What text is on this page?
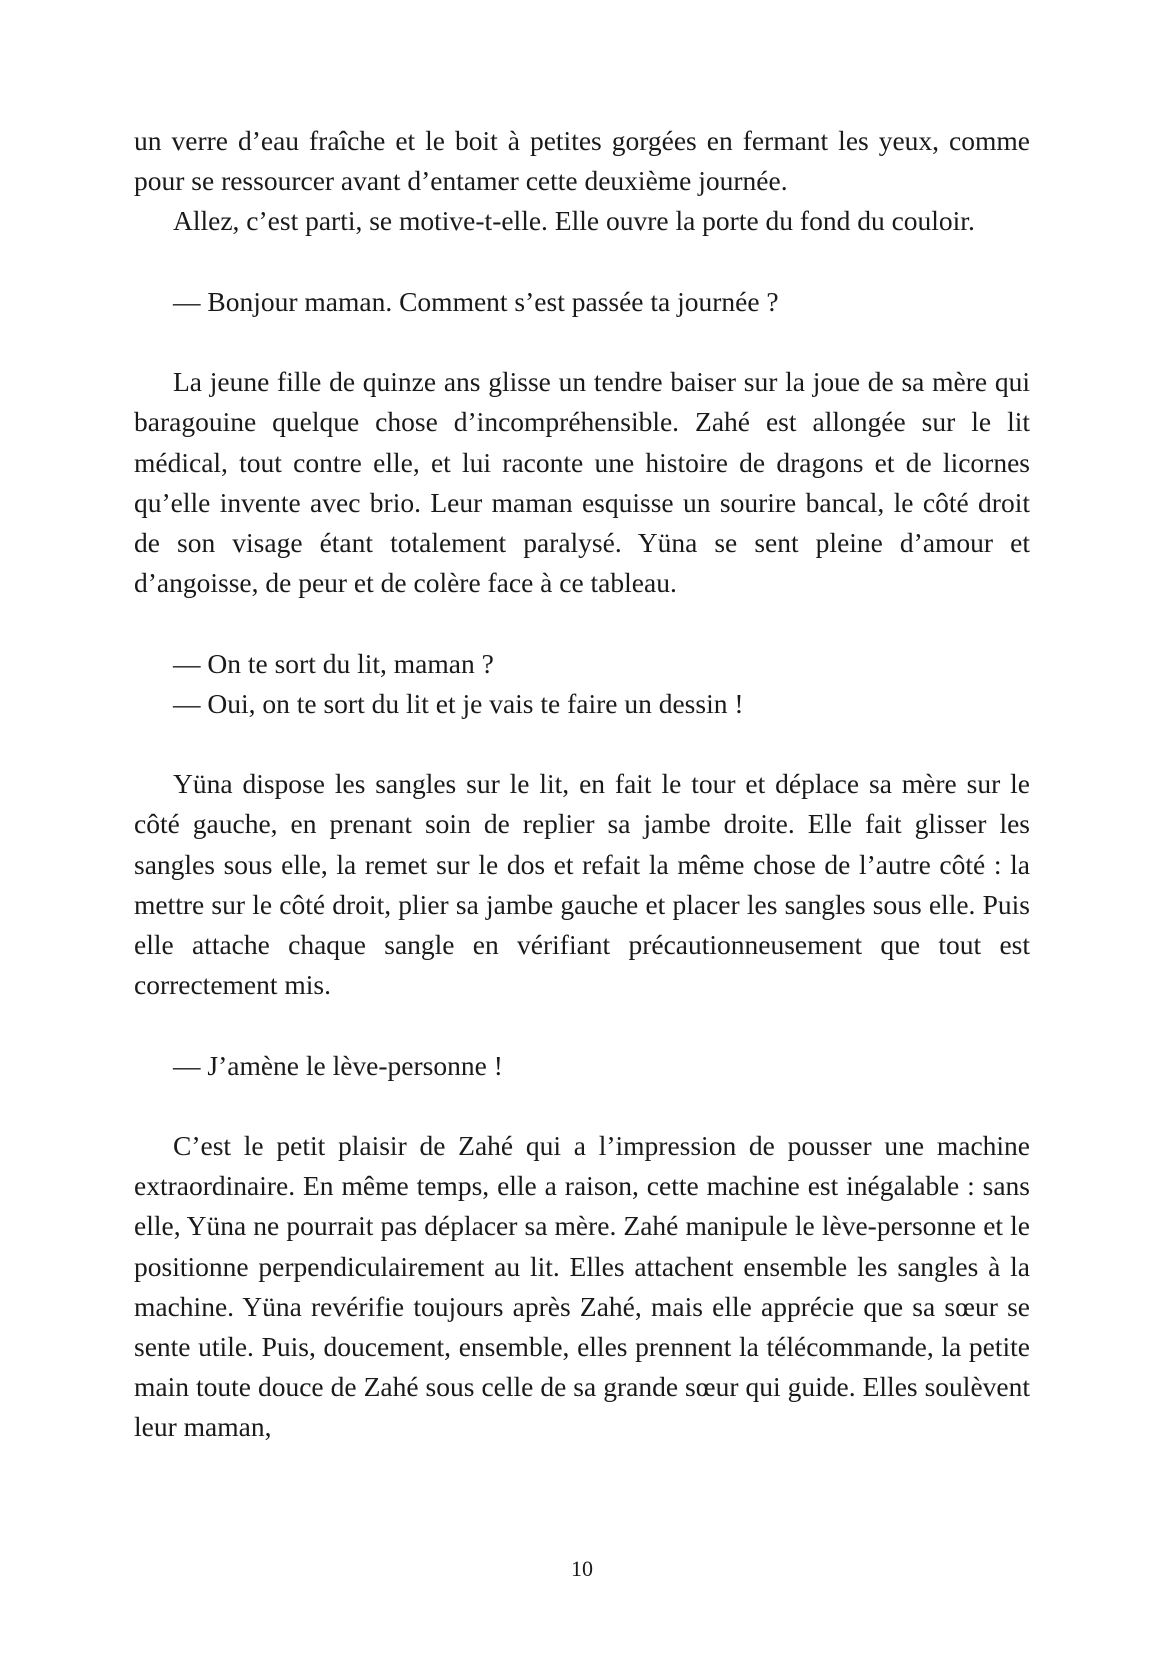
un verre d’eau fraîche et le boit à petites gorgées en fermant les yeux, comme pour se ressourcer avant d’entamer cette deuxième journée.

Allez, c’est parti, se motive-t-elle. Elle ouvre la porte du fond du couloir.

— Bonjour maman. Comment s’est passée ta journée ?

La jeune fille de quinze ans glisse un tendre baiser sur la joue de sa mère qui baragouine quelque chose d’incompréhensible. Zahé est allongée sur le lit médical, tout contre elle, et lui raconte une histoire de dragons et de licornes qu’elle invente avec brio. Leur maman esquisse un sourire bancal, le côté droit de son visage étant totalement paralysé. Yüna se sent pleine d’amour et d’angoisse, de peur et de colère face à ce tableau.

— On te sort du lit, maman ?

— Oui, on te sort du lit et je vais te faire un dessin !

Yüna dispose les sangles sur le lit, en fait le tour et déplace sa mère sur le côté gauche, en prenant soin de replier sa jambe droite. Elle fait glisser les sangles sous elle, la remet sur le dos et refait la même chose de l’autre côté : la mettre sur le côté droit, plier sa jambe gauche et placer les sangles sous elle. Puis elle attache chaque sangle en vérifiant précautionneusement que tout est correctement mis.

— J’amène le lève-personne !

C’est le petit plaisir de Zahé qui a l’impression de pousser une machine extraordinaire. En même temps, elle a raison, cette machine est inégalable : sans elle, Yüna ne pourrait pas déplacer sa mère. Zahé manipule le lève-personne et le positionne perpendiculairement au lit. Elles attachent ensemble les sangles à la machine. Yüna revérifie toujours après Zahé, mais elle apprécie que sa sœur se sente utile. Puis, doucement, ensemble, elles prennent la télécommande, la petite main toute douce de Zahé sous celle de sa grande sœur qui guide. Elles soulèvent leur maman,

10
